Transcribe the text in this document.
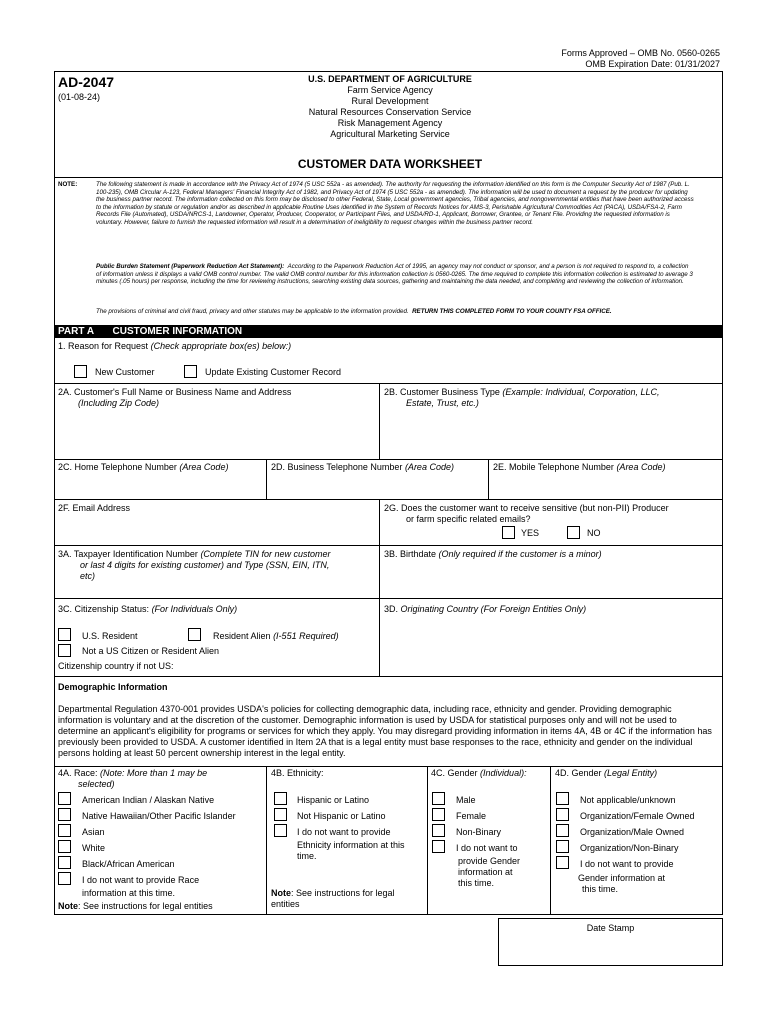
Forms Approved – OMB No. 0560-0265
OMB Expiration Date: 01/31/2027
AD-2047
(01-08-24)
U.S. DEPARTMENT OF AGRICULTURE
Farm Service Agency
Rural Development
Natural Resources Conservation Service
Risk Management Agency
Agricultural Marketing Service
CUSTOMER DATA WORKSHEET
NOTE:	The following statement is made in accordance with the Privacy Act of 1974 (5 USC 552a - as amended). The authority for requesting the information identified on this form is the Computer Security Act of 1987 (Pub. L. 100-235), OMB Circular A-123, Federal Managers' Financial Integrity Act of 1982, and Privacy Act of 1974 (5 USC 552a - as amended). The information will be used to document a request by the producer for updating the business partner record. The information collected on this form may be disclosed to other Federal, State, Local government agencies, Tribal agencies, and nongovernmental entities that have been authorized access to the information by statute or regulation and/or as described in applicable Routine Uses identified in the System of Records Notices for AMS-3, Perishable Agricultural Commodities Act (PACA), USDA/FSA-2, Farm Records File (Automated), USDA/NRCS-1, Landowner, Operator, Producer, Cooperator, or Participant Files, and USDA/RD-1, Applicant, Borrower, Grantee, or Tenant File. Providing the requested information is voluntary. However, failure to furnish the requested information will result in a determination of ineligibility to request changes within the business partner record.
Public Burden Statement (Paperwork Reduction Act Statement): According to the Paperwork Reduction Act of 1995, an agency may not conduct or sponsor, and a person is not required to respond to, a collection of information unless it displays a valid OMB control number. The valid OMB control number for this information collection is 0560-0265. The time required to complete this information collection is estimated to average 3 minutes (.05 hours) per response, including the time for reviewing instructions, searching existing data sources, gathering and maintaining the data needed, and completing and reviewing the collection of information.
The provisions of criminal and civil fraud, privacy and other statutes may be applicable to the information provided. RETURN THIS COMPLETED FORM TO YOUR COUNTY FSA OFFICE.
PART A CUSTOMER INFORMATION
1. Reason for Request (Check appropriate box(es) below:)
New Customer	Update Existing Customer Record
2A. Customer's Full Name or Business Name and Address
(Including Zip Code)
2B. Customer Business Type (Example: Individual, Corporation, LLC,
Estate, Trust, etc.)
2C. Home Telephone Number (Area Code)	2D. Business Telephone Number (Area Code)	2E. Mobile Telephone Number (Area Code)
2F. Email Address	2G. Does the customer want to receive sensitive (but non-PII) Producer
or farm specific related emails?
YES	NO
3A. Taxpayer Identification Number (Complete TIN for new customer
or last 4 digits for existing customer) and Type (SSN, EIN, ITN,
etc)
3B. Birthdate (Only required if the customer is a minor)
3C. Citizenship Status: (For Individuals Only)
U.S. Resident	Resident Alien (I-551 Required)
Not a US Citizen or Resident Alien
Citizenship country if not US:
3D. Originating Country (For Foreign Entities Only)
Demographic Information
Departmental Regulation 4370-001 provides USDA's policies for collecting demographic data, including race, ethnicity and gender. Providing demographic information is voluntary and at the discretion of the customer. Demographic information is used by USDA for statistical purposes only and will not be used to determine an applicant's eligibility for programs or services for which they apply. You may disregard providing information in items 4A, 4B or 4C if the information has previously been provided to USDA. A customer identified in Item 2A that is a legal entity must base responses to the race, ethnicity and gender on the individual persons holding at least 50 percent ownership interest in the legal entity.
4A. Race: (Note: More than 1 may be
selected)
American Indian / Alaskan Native
Native Hawaiian/Other Pacific Islander
Asian
White
Black/African American
I do not want to provide Race
information at this time.
Note: See instructions for legal entities
4B. Ethnicity:
Hispanic or Latino
Not Hispanic or Latino
I do not want to provide
Ethnicity information at this
time.
Note: See instructions for legal
entities
4C. Gender (Individual):
Male
Female
Non-Binary
I do not want to
provide Gender
information at
this time.
4D. Gender (Legal Entity)
Not applicable/unknown
Organization/Female Owned
Organization/Male Owned
Organization/Non-Binary
I do not want to provide
Gender information at
this time.
Date Stamp
